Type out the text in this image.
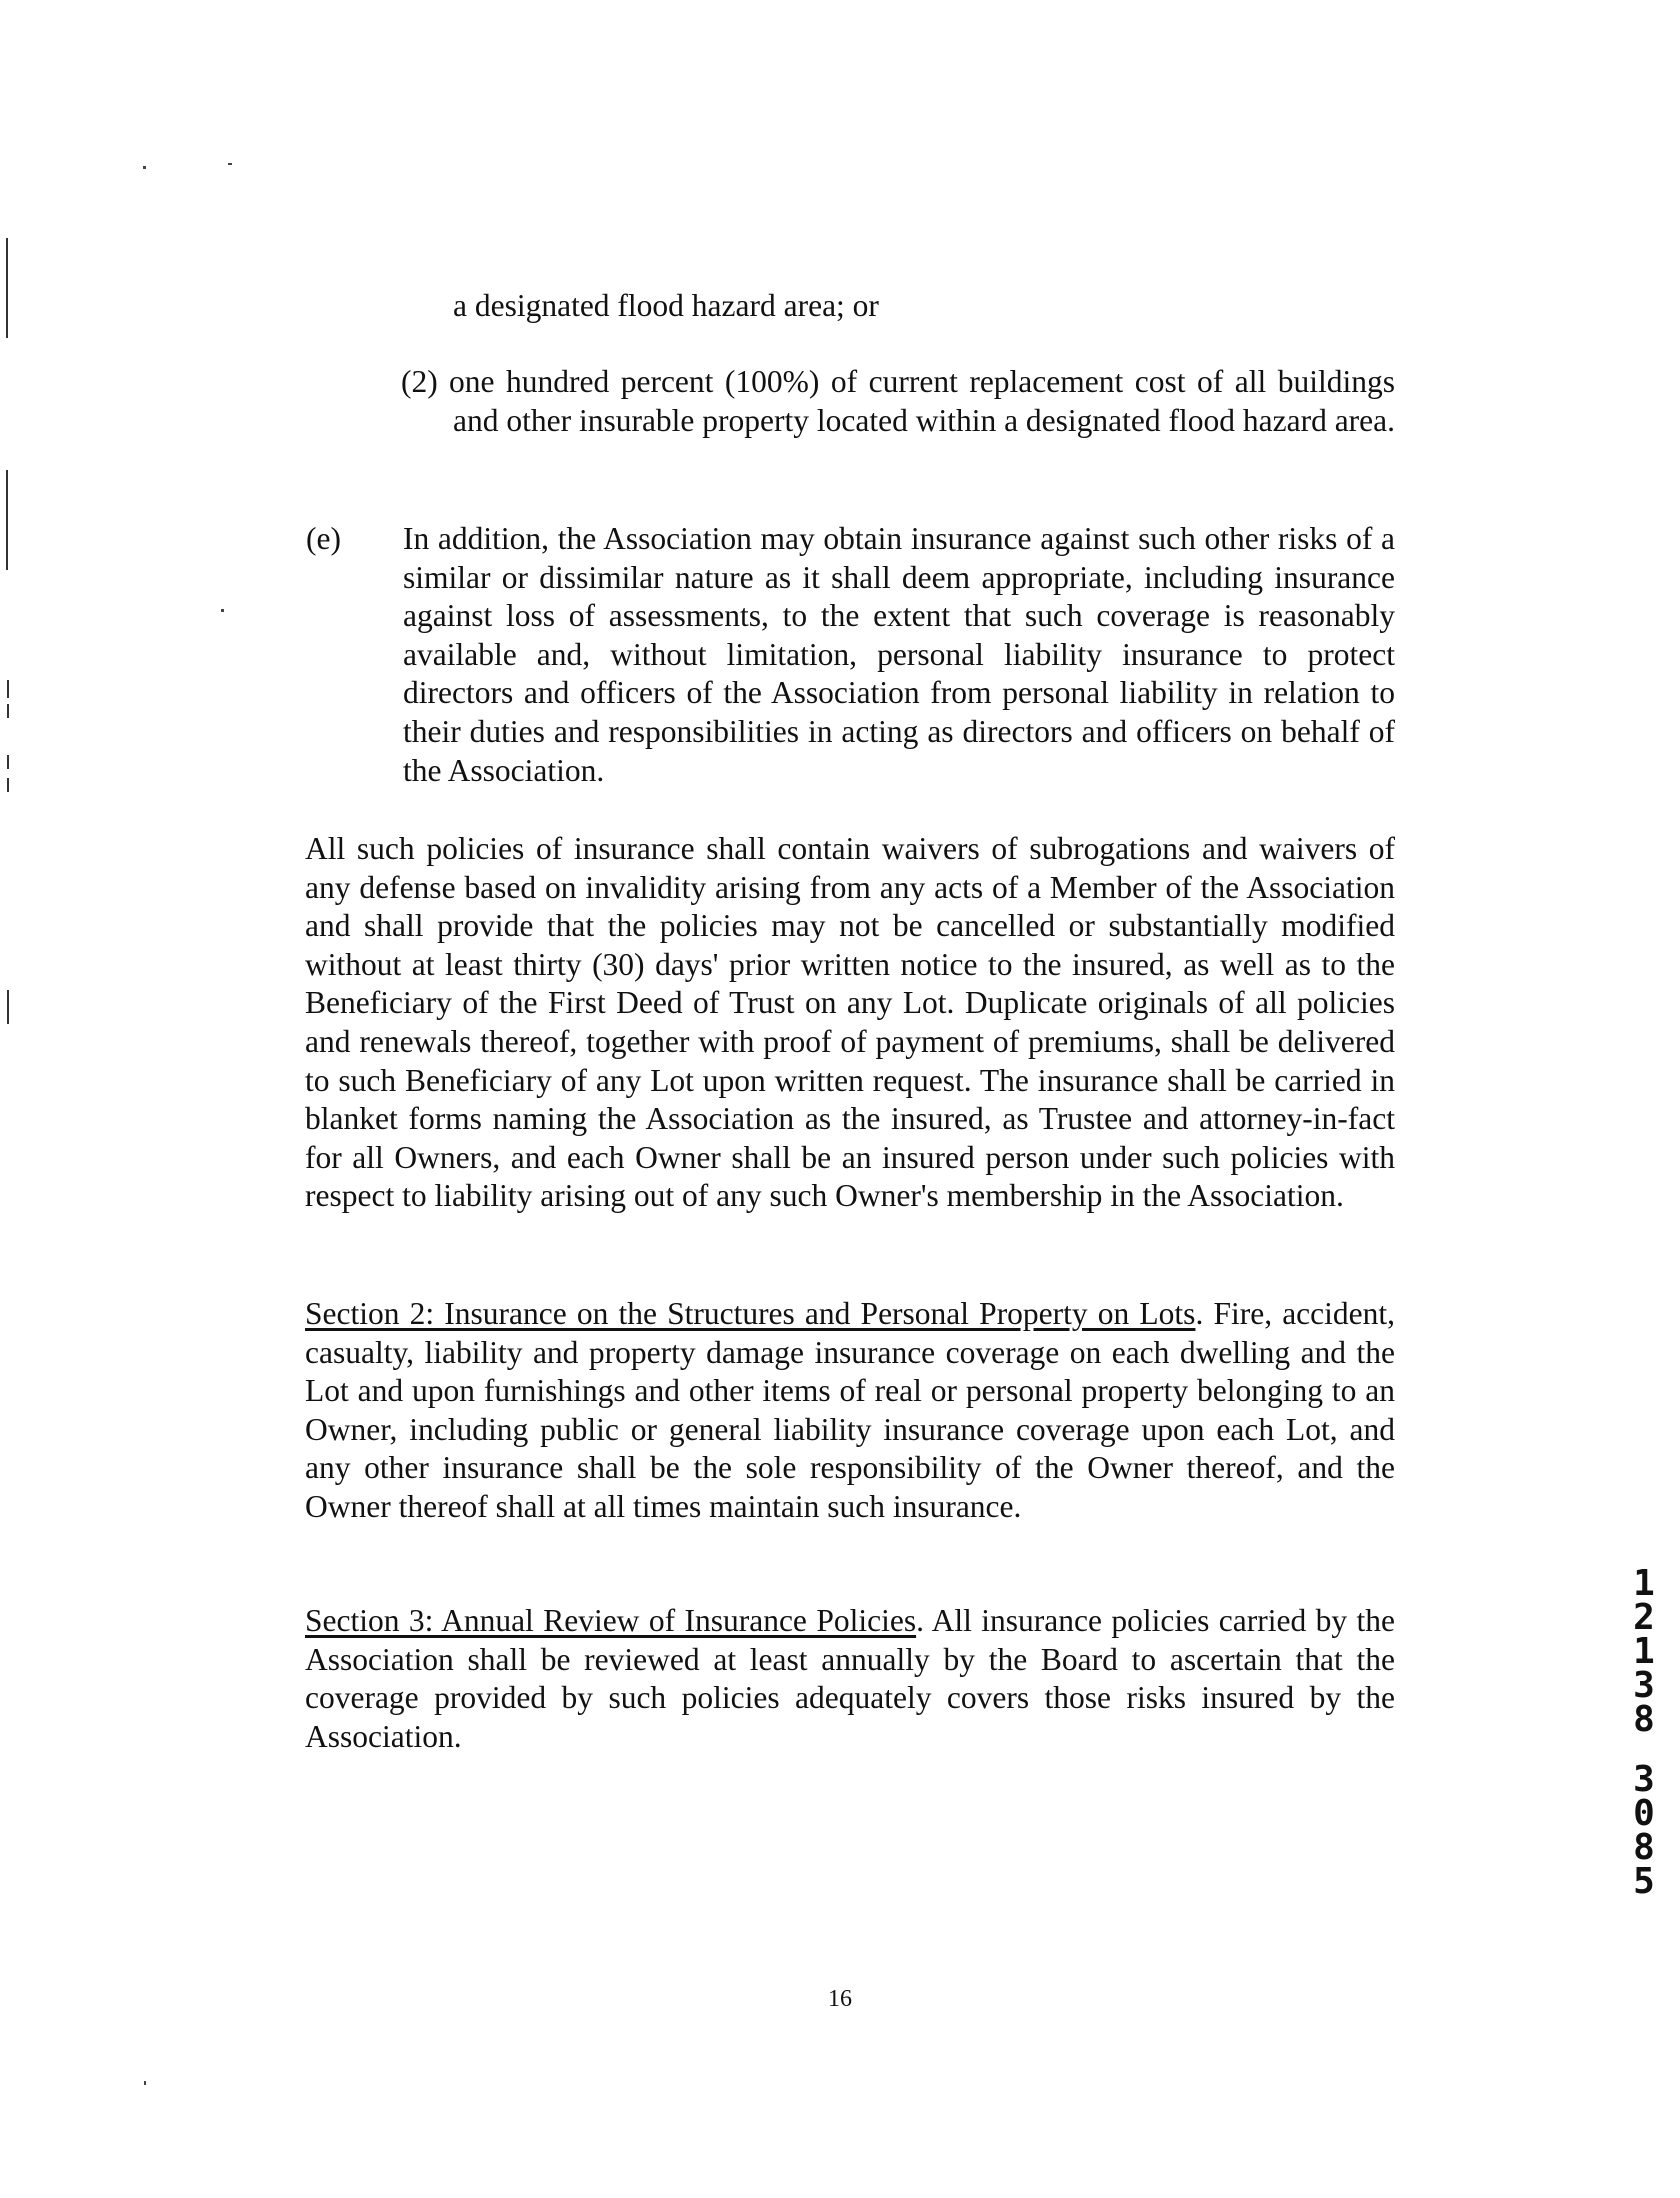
a designated flood hazard area; or
(2) one hundred percent (100%) of current replacement cost of all buildings and other insurable property located within a designated flood hazard area.
(e)	In addition, the Association may obtain insurance against such other risks of a similar or dissimilar nature as it shall deem appropriate, including insurance against loss of assessments, to the extent that such coverage is reasonably available and, without limitation, personal liability insurance to protect directors and officers of the Association from personal liability in relation to their duties and responsibilities in acting as directors and officers on behalf of the Association.
All such policies of insurance shall contain waivers of subrogations and waivers of any defense based on invalidity arising from any acts of a Member of the Association and shall provide that the policies may not be cancelled or substantially modified without at least thirty (30) days' prior written notice to the insured, as well as to the Beneficiary of the First Deed of Trust on any Lot. Duplicate originals of all policies and renewals thereof, together with proof of payment of premiums, shall be delivered to such Beneficiary of any Lot upon written request. The insurance shall be carried in blanket forms naming the Association as the insured, as Trustee and attorney-in-fact for all Owners, and each Owner shall be an insured person under such policies with respect to liability arising out of any such Owner's membership in the Association.
Section 2: Insurance on the Structures and Personal Property on Lots. Fire, accident, casualty, liability and property damage insurance coverage on each dwelling and the Lot and upon furnishings and other items of real or personal property belonging to an Owner, including public or general liability insurance coverage upon each Lot, and any other insurance shall be the sole responsibility of the Owner thereof, and the Owner thereof shall at all times maintain such insurance.
Section 3: Annual Review of Insurance Policies. All insurance policies carried by the Association shall be reviewed at least annually by the Board to ascertain that the coverage provided by such policies adequately covers those risks insured by the Association.
1
2
1
3
8
3
0
8
5
16
